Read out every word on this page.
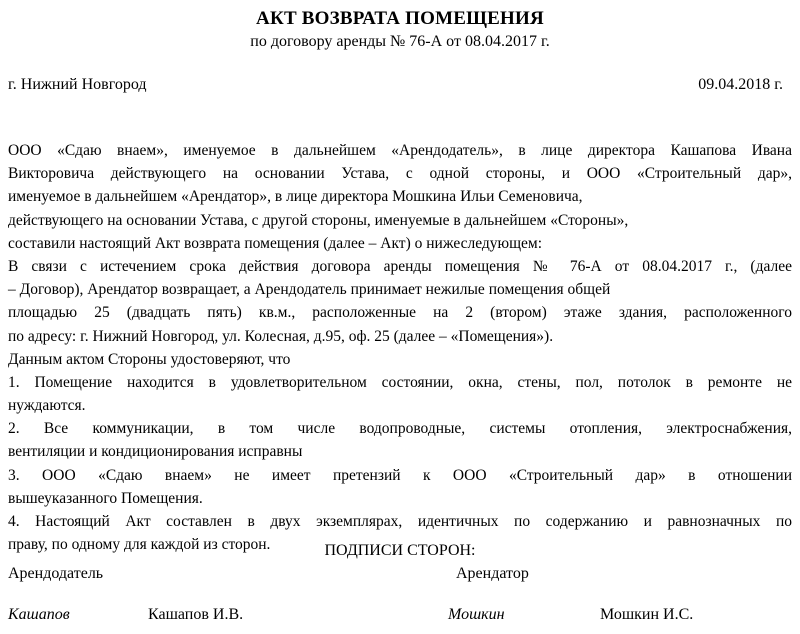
АКТ ВОЗВРАТА ПОМЕЩЕНИЯ
по договору аренды № 76-А от 08.04.2017 г.
г. Нижний Новгород	09.04.2018 г.
ООО «Сдаю внаем», именуемое в дальнейшем «Арендодатель», в лице директора Кашапова Ивана
Викторовича действующего на основании Устава, с одной стороны, и ООО «Строительный дар»,
именуемое в дальнейшем «Арендатор», в лице директора Мошкина Ильи Семеновича,
действующего на основании Устава, с другой стороны, именуемые в дальнейшем «Стороны»,
составили настоящий Акт возврата помещения (далее – Акт) о нижеследующем:
В связи с истечением срока действия договора аренды помещения № 76-А от 08.04.2017 г., (далее
– Договор), Арендатор возвращает, а Арендодатель принимает нежилые помещения общей
площадью 25 (двадцать пять) кв.м., расположенные на 2 (втором) этаже здания, расположенного
по адресу: г. Нижний Новгород, ул. Колесная, д.95, оф. 25 (далее – «Помещения»).
Данным актом Стороны удостоверяют, что
1. Помещение находится в удовлетворительном состоянии, окна, стены, пол, потолок в ремонте не
нуждаются.
2. Все коммуникации, в том числе водопроводные, системы отопления, электроснабжения,
вентиляции и кондиционирования исправны
3. ООО «Сдаю внаем» не имеет претензий к ООО «Строительный дар» в отношении
вышеуказанного Помещения.
4. Настоящий Акт составлен в двух экземплярах, идентичных по содержанию и равнозначных по
праву, по одному для каждой из сторон.	ПОДПИСИ СТОРОН:
Арендодатель	Арендатор
Кашапов	Кашапов И.В.	Мошкин	Мошкин И.С.
